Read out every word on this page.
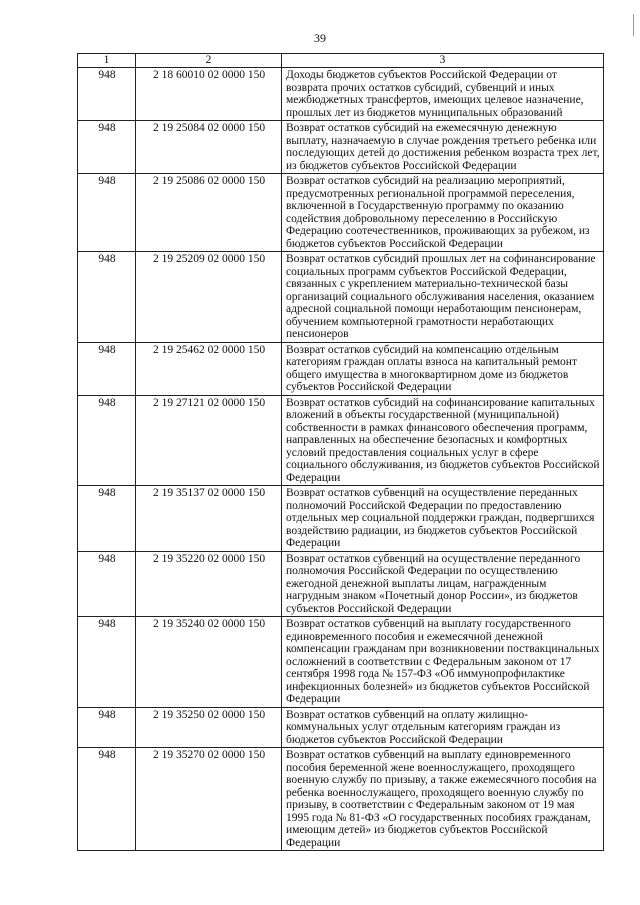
39
1	2	3
948	2 18 60010 02 0000 150	Доходы бюджетов субъектов Российской Федерации от возврата прочих остатков субсидий, субвенций и иных межбюджетных трансфертов, имеющих целевое назначение, прошлых лет из бюджетов муниципальных образований
948	2 19 25084 02 0000 150	Возврат остатков субсидий на ежемесячную денежную выплату, назначаемую в случае рождения третьего ребенка или последующих детей до достижения ребенком возраста трех лет, из бюджетов субъектов Российской Федерации
948	2 19 25086 02 0000 150	Возврат остатков субсидий на реализацию мероприятий, предусмотренных региональной программой переселения, включенной в Государственную программу по оказанию содействия добровольному переселению в Российскую Федерацию соотечественников, проживающих за рубежом, из бюджетов субъектов Российской Федерации
948	2 19 25209 02 0000 150	Возврат остатков субсидий прошлых лет на софинансирование социальных программ субъектов Российской Федерации, связанных с укреплением материально-технической базы организаций социального обслуживания населения, оказанием адресной социальной помощи неработающим пенсионерам, обучением компьютерной грамотности неработающих пенсионеров
948	2 19 25462 02 0000 150	Возврат остатков субсидий на компенсацию отдельным категориям граждан оплаты взноса на капитальный ремонт общего имущества в многоквартирном доме из бюджетов субъектов Российской Федерации
948	2 19 27121 02 0000 150	Возврат остатков субсидий на софинансирование капитальных вложений в объекты государственной (муниципальной) собственности в рамках финансового обеспечения программ, направленных на обеспечение безопасных и комфортных условий предоставления социальных услуг в сфере социального обслуживания, из бюджетов субъектов Российской Федерации
948	2 19 35137 02 0000 150	Возврат остатков субвенций на осуществление переданных полномочий Российской Федерации по предоставлению отдельных мер социальной поддержки граждан, подвергшихся воздействию радиации, из бюджетов субъектов Российской Федерации
948	2 19 35220 02 0000 150	Возврат остатков субвенций на осуществление переданного полномочия Российской Федерации по осуществлению ежегодной денежной выплаты лицам, награжденным нагрудным знаком «Почетный донор России», из бюджетов субъектов Российской Федерации
948	2 19 35240 02 0000 150	Возврат остатков субвенций на выплату государственного единовременного пособия и ежемесячной денежной компенсации гражданам при возникновении поствакцинальных осложнений в соответствии с Федеральным законом от 17 сентября 1998 года № 157-ФЗ «Об иммунопрофилактике инфекционных болезней» из бюджетов субъектов Российской Федерации
948	2 19 35250 02 0000 150	Возврат остатков субвенций на оплату жилищно-коммунальных услуг отдельным категориям граждан из бюджетов субъектов Российской Федерации
948	2 19 35270 02 0000 150	Возврат остатков субвенций на выплату единовременного пособия беременной жене военнослужащего, проходящего военную службу по призыву, а также ежемесячного пособия на ребенка военнослужащего, проходящего военную службу по призыву, в соответствии с Федеральным законом от 19 мая 1995 года № 81-ФЗ «О государственных пособиях гражданам, имеющим детей» из бюджетов субъектов Российской Федерации
